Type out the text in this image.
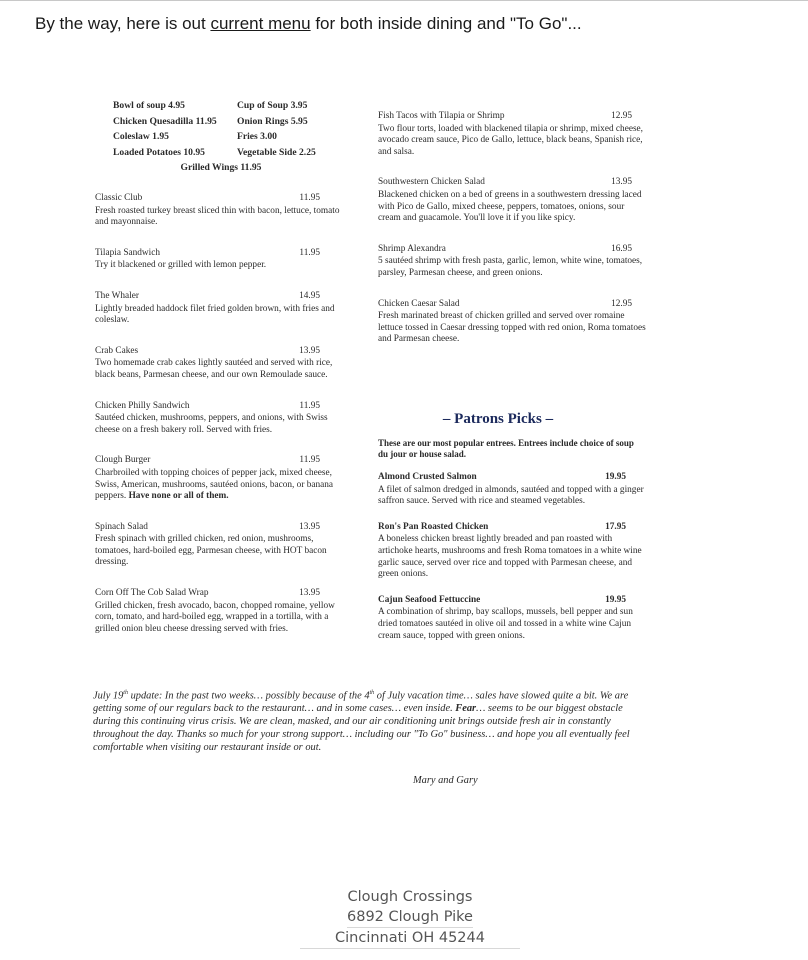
By the way, here is out current menu for both inside dining and "To Go"...
Bowl of soup 4.95	Cup of Soup 3.95
Chicken Quesadilla 11.95	Onion Rings 5.95
Coleslaw 1.95	Fries 3.00
Loaded Potatoes 10.95	Vegetable Side 2.25
Grilled Wings 11.95
Classic Club	11.95
Fresh roasted turkey breast sliced thin with bacon, lettuce, tomato and mayonnaise.
Tilapia Sandwich	11.95
Try it blackened or grilled with lemon pepper.
The Whaler	14.95
Lightly breaded haddock filet fried golden brown, with fries and coleslaw.
Crab Cakes	13.95
Two homemade crab cakes lightly sautéed and served with rice, black beans, Parmesan cheese, and our own Remoulade sauce.
Chicken Philly Sandwich	11.95
Sautéed chicken, mushrooms, peppers, and onions, with Swiss cheese on a fresh bakery roll. Served with fries.
Clough Burger	11.95
Charbroiled with topping choices of pepper jack, mixed cheese, Swiss, American, mushrooms, sautéed onions, bacon, or banana peppers. Have none or all of them.
Spinach Salad	13.95
Fresh spinach with grilled chicken, red onion, mushrooms, tomatoes, hard-boiled egg, Parmesan cheese, with HOT bacon dressing.
Corn Off The Cob Salad Wrap	13.95
Grilled chicken, fresh avocado, bacon, chopped romaine, yellow corn, tomato, and hard-boiled egg, wrapped in a tortilla, with a grilled onion bleu cheese dressing served with fries.
Fish Tacos with Tilapia or Shrimp	12.95
Two flour torts, loaded with blackened tilapia or shrimp, mixed cheese, avocado cream sauce, Pico de Gallo, lettuce, black beans, Spanish rice, and salsa.
Southwestern Chicken Salad	13.95
Blackened chicken on a bed of greens in a southwestern dressing laced with Pico de Gallo, mixed cheese, peppers, tomatoes, onions, sour cream and guacamole. You'll love it if you like spicy.
Shrimp Alexandra	16.95
5 sautéed shrimp with fresh pasta, garlic, lemon, white wine, tomatoes, parsley, Parmesan cheese, and green onions.
Chicken Caesar Salad	12.95
Fresh marinated breast of chicken grilled and served over romaine lettuce tossed in Caesar dressing topped with red onion, Roma tomatoes and Parmesan cheese.
– Patrons Picks –
These are our most popular entrees. Entrees include choice of soup du jour or house salad.
Almond Crusted Salmon	19.95
A filet of salmon dredged in almonds, sautéed and topped with a ginger saffron sauce. Served with rice and steamed vegetables.
Ron's Pan Roasted Chicken	17.95
A boneless chicken breast lightly breaded and pan roasted with artichoke hearts, mushrooms and fresh Roma tomatoes in a white wine garlic sauce, served over rice and topped with Parmesan cheese, and green onions.
Cajun Seafood Fettuccine	19.95
A combination of shrimp, bay scallops, mussels, bell pepper and sun dried tomatoes sautéed in olive oil and tossed in a white wine Cajun cream sauce, topped with green onions.
July 19th update: In the past two weeks… possibly because of the 4th of July vacation time… sales have slowed quite a bit. We are getting some of our regulars back to the restaurant… and in some cases… even inside. Fear… seems to be our biggest obstacle during this continuing virus crisis. We are clean, masked, and our air conditioning unit brings outside fresh air in constantly throughout the day. Thanks so much for your strong support… including our "To Go" business… and hope you all eventually feel comfortable when visiting our restaurant inside or out.
Mary and Gary
Clough Crossings
6892 Clough Pike
Cincinnati OH 45244
